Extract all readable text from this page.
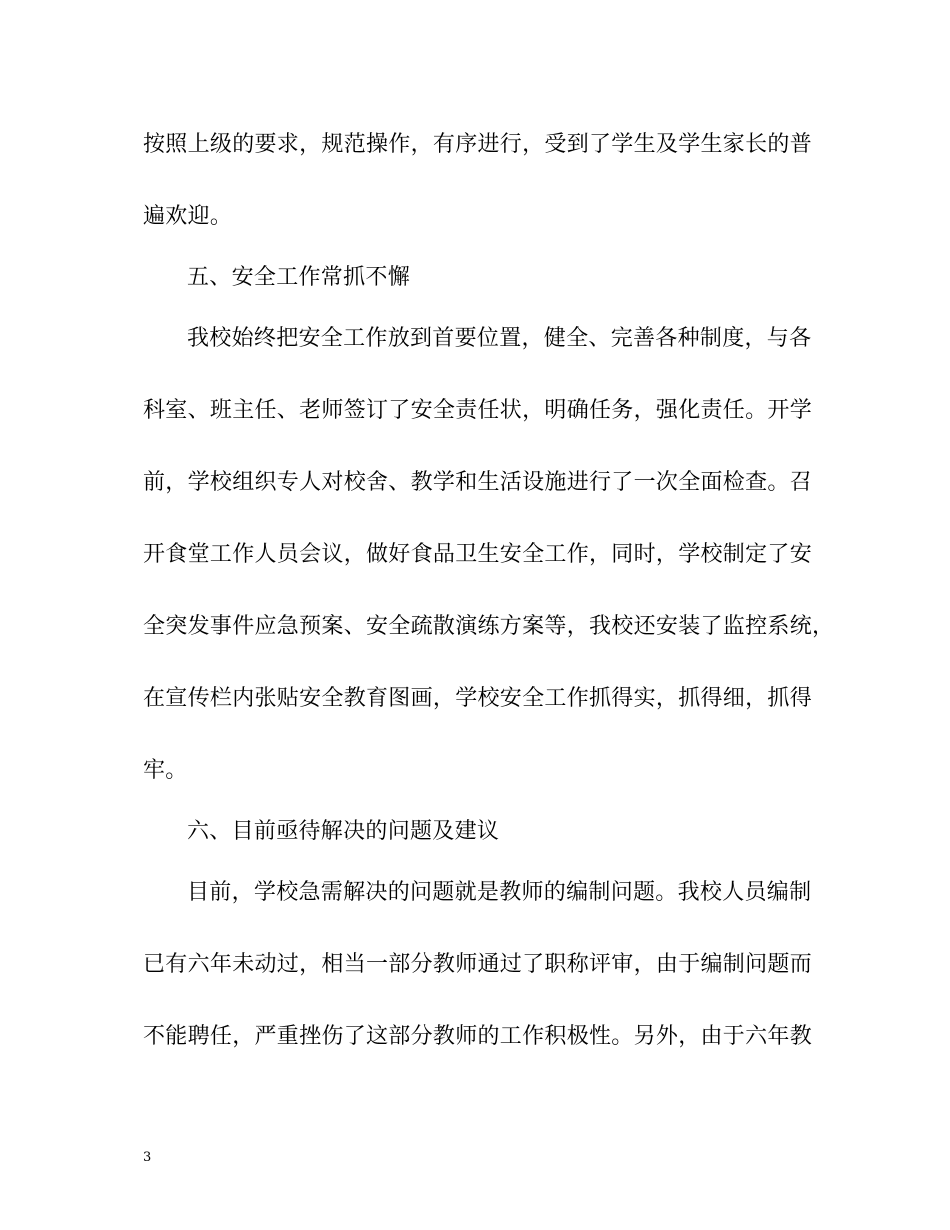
按照上级的要求，规范操作，有序进行，受到了学生及学生家长的普
遍欢迎。
五、安全工作常抓不懈
我校始终把安全工作放到首要位置，健全、完善各种制度，与各
科室、班主任、老师签订了安全责任状，明确任务，强化责任。开学
前，学校组织专人对校舍、教学和生活设施进行了一次全面检查。召
开食堂工作人员会议，做好食品卫生安全工作，同时，学校制定了安
全突发事件应急预案、安全疏散演练方案等，我校还安装了监控系统，
在宣传栏内张贴安全教育图画，学校安全工作抓得实，抓得细，抓得
牢。
六、目前亟待解决的问题及建议
目前，学校急需解决的问题就是教师的编制问题。我校人员编制
已有六年未动过，相当一部分教师通过了职称评审，由于编制问题而
不能聘任，严重挫伤了这部分教师的工作积极性。另外，由于六年教
3
